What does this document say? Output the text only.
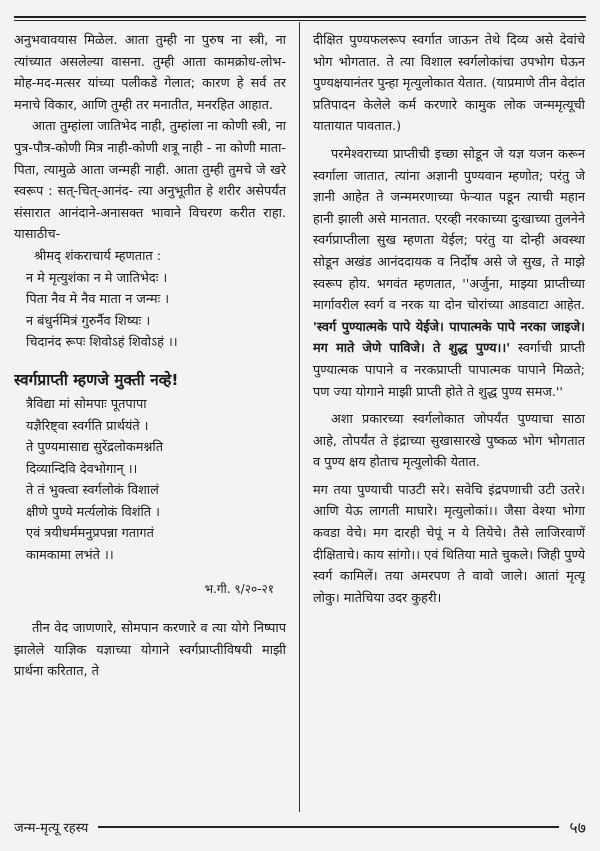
अनुभवावयास मिळेल. आता तुम्ही ना पुरुष ना स्त्री, ना त्यांच्यात असलेल्या वासना. तुम्ही आता कामक्रोध-लोभ-मोह-मद-मत्सर यांच्या पलीकडे गेलात; कारण हे सर्व तर मनाचे विकार, आणि तुम्ही तर मनातीत, मनरहित आहात.

आता तुम्हांला जातिभेद नाही, तुम्हांला ना कोणी स्त्री, ना पुत्र-पौत्र-कोणी मित्र नाही-कोणी शत्रू नाही - ना कोणी माता-पिता, त्यामुळे आता जन्मही नाही. आता तुम्ही तुमचे जे खरे स्वरूप : सत्-चित्-आनंद- त्या अनुभूतीत हे शरीर असेपर्यंत संसारात आनंदाने-अनासक्त भावाने विचरण करीत राहा. यासाठीच-

श्रीमद् शंकराचार्य म्हणतात :

न मे मृत्युशंका न मे जातिभेदः ।

पिता नैव मे नैव माता न जन्मः ।

न बंधुर्नमित्रं गुरुर्नैव शिष्यः ।

चिदानंद रूपः शिवोऽहं शिवोऽहं ।।

स्वर्गप्राप्ती म्हणजे मुक्ती नव्हे!

त्रैविद्या मां सोमपाः पूतपापा

यज्ञैरिष्ट्वा स्वर्गति प्रार्थयंते ।

ते पुण्यमासाद्य सुरेंद्रलोकमश्नति

दिव्यान्दिवि देवभोगान् ।।

ते तं भुक्त्वा स्वर्गलोकं विशालं

क्षीणे पुण्ये मर्त्यलोकं विशंति ।

एवं त्रयीधर्ममनुप्रपन्ना गतागतं

कामकामा लभंते ।।

भ.गी. ९/२०-२१

तीन वेद जाणणारे, सोमपान करणारे व त्या योगे निष्पाप झालेले याज्ञिक यज्ञाच्या योगाने स्वर्गप्राप्तीविषयी माझी प्रार्थना करितात, ते

दीक्षित पुण्यफलरूप स्वर्गात जाऊन तेथे दिव्य असे देवांचे भोग भोगतात. ते त्या विशाल स्वर्गलोकांचा उपभोग घेऊन पुण्यक्षयानंतर पुन्हा मृत्युलोकात येतात. (याप्रमाणे तीन वेदांत प्रतिपादन केलेले कर्म करणारे कामुक लोक जन्ममृत्यूची यातायात पावतात.)

परमेश्वराच्या प्राप्तीची इच्छा सोडून जे यज्ञ यजन करून स्वर्गाला जातात, त्यांना अज्ञानी पुण्यवान म्हणोत; परंतु जे ज्ञानी आहेत ते जन्ममरणाच्या फेऱ्यात पडून त्याची महान हानी झाली असे मानतात. एरव्ही नरकाच्या दुःखाच्या तुलनेने स्वर्गप्राप्तीला सुख म्हणता येईल; परंतु या दोन्ही अवस्था सोडून अखंड आनंददायक व निर्दोष असे जे सुख, ते माझे स्वरूप होय. भगवंत म्हणतात, ''अर्जुना, माझ्या प्राप्तीच्या मार्गावरील स्वर्ग व नरक या दोन चोरांच्या आडवाटा आहेत. 'स्वर्ग पुण्यात्मके पापे येईजे। पापात्मके पापे नरका जाइजे। मग माते जेणे पाविजे। ते शुद्ध पुण्य।।' स्वर्गाची प्राप्ती पुण्यात्मक पापाने व नरकप्राप्ती पापात्मक पापाने मिळते; पण ज्या योगाने माझी प्राप्ती होते ते शुद्ध पुण्य समज.''

अशा प्रकारच्या स्वर्गलोकात जोपर्यंत पुण्याचा साठा आहे, तोपर्यंत ते इंद्राच्या सुखासारखे पुष्कळ भोग भोगतात व पुण्य क्षय होताच मृत्युलोकी येतात.

मग तया पुण्याची पाउटी सरे। सवेचि इंद्रपणाची उटी उतरे। आणि येऊ लागती माघारे। मृत्युलोकां।। जैसा वेश्या भोगा कवडा वेचे। मग दारही चेपूं न ये तियेचे। तैसे लाजिरवाणें दीक्षिताचे। काय सांगो।। एवं थितिया माते चुकले। जिही पुण्ये स्वर्ग कामिलें। तया अमरपण ते वावो जाले। आतां मृत्यू लोकु। मातेचिया उदर कुहरी।

जन्म-मृत्यू रहस्य	५७
